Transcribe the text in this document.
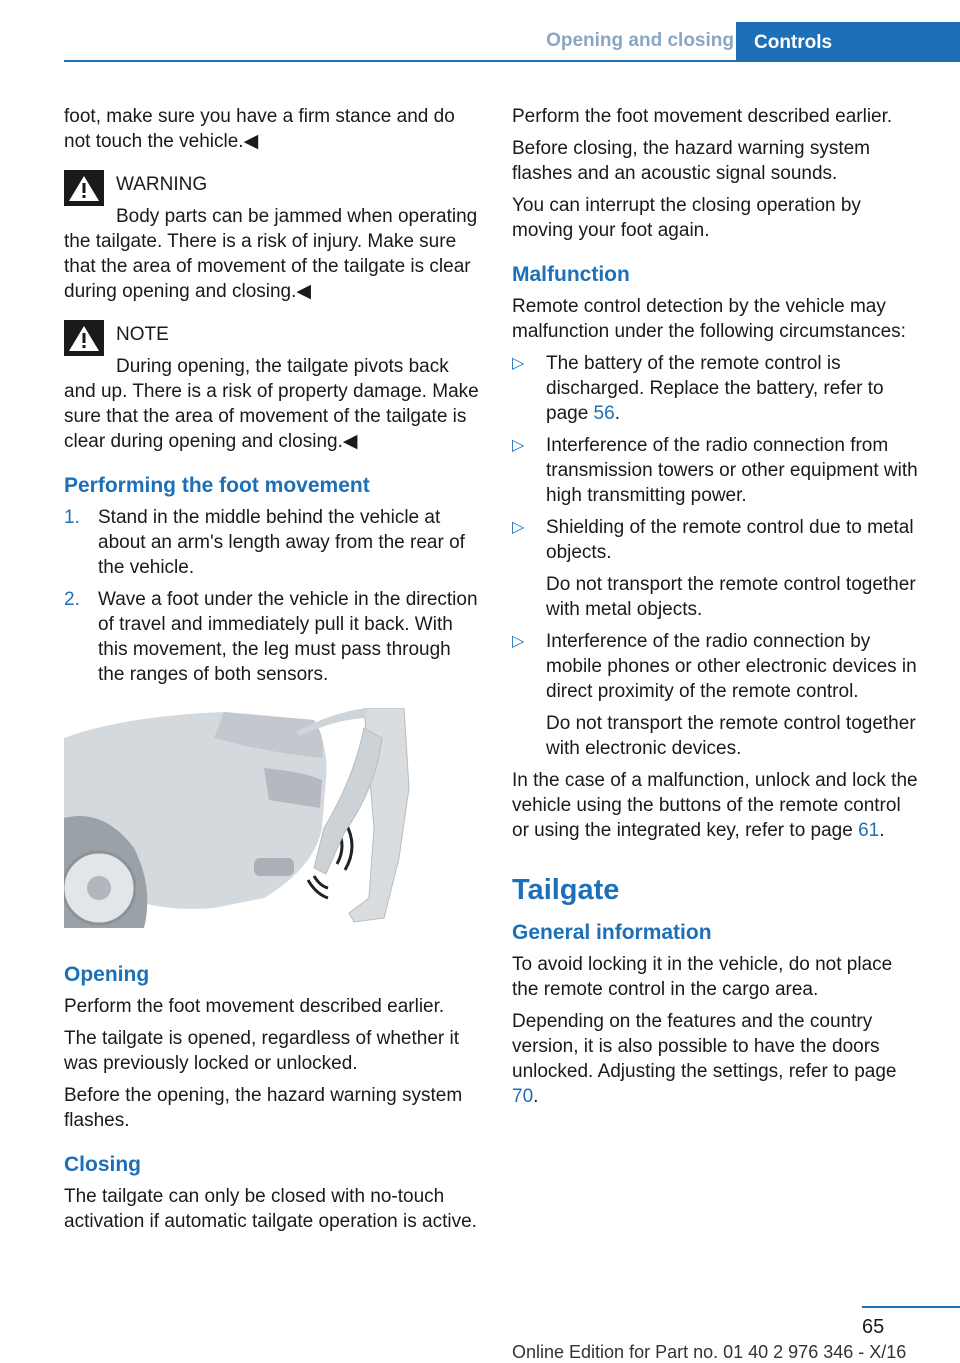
Opening and closing	Controls

foot, make sure you have a firm stance and do not touch the vehicle.◀

WARNING

Body parts can be jammed when operating the tailgate. There is a risk of injury. Make sure that the area of movement of the tailgate is clear during opening and closing.◀

NOTE

During opening, the tailgate pivots back and up. There is a risk of property damage. Make sure that the area of movement of the tailgate is clear during opening and closing.◀

Performing the foot movement
1. Stand in the middle behind the vehicle at about an arm's length away from the rear of the vehicle.
2. Wave a foot under the vehicle in the direction of travel and immediately pull it back. With this movement, the leg must pass through the ranges of both sensors.
Opening

Perform the foot movement described earlier.

The tailgate is opened, regardless of whether it was previously locked or unlocked.

Before the opening, the hazard warning system flashes.

Closing

The tailgate can only be closed with no-touch activation if automatic tailgate operation is active.

Perform the foot movement described earlier.

Before closing, the hazard warning system flashes and an acoustic signal sounds.

You can interrupt the closing operation by moving your foot again.

Malfunction

Remote control detection by the vehicle may malfunction under the following circumstances:

▷ The battery of the remote control is discharged. Replace the battery, refer to page 56.
▷ Interference of the radio connection from transmission towers or other equipment with high transmitting power.
▷ Shielding of the remote control due to metal objects.
Do not transport the remote control together with metal objects.
▷ Interference of the radio connection by mobile phones or other electronic devices in direct proximity of the remote control.
Do not transport the remote control together with electronic devices.

In the case of a malfunction, unlock and lock the vehicle using the buttons of the remote control or using the integrated key, refer to page 61.

Tailgate
General information

To avoid locking it in the vehicle, do not place the remote control in the cargo area.

Depending on the features and the country version, it is also possible to have the doors unlocked. Adjusting the settings, refer to page 70.

65
Online Edition for Part no. 01 40 2 976 346 - X/16
